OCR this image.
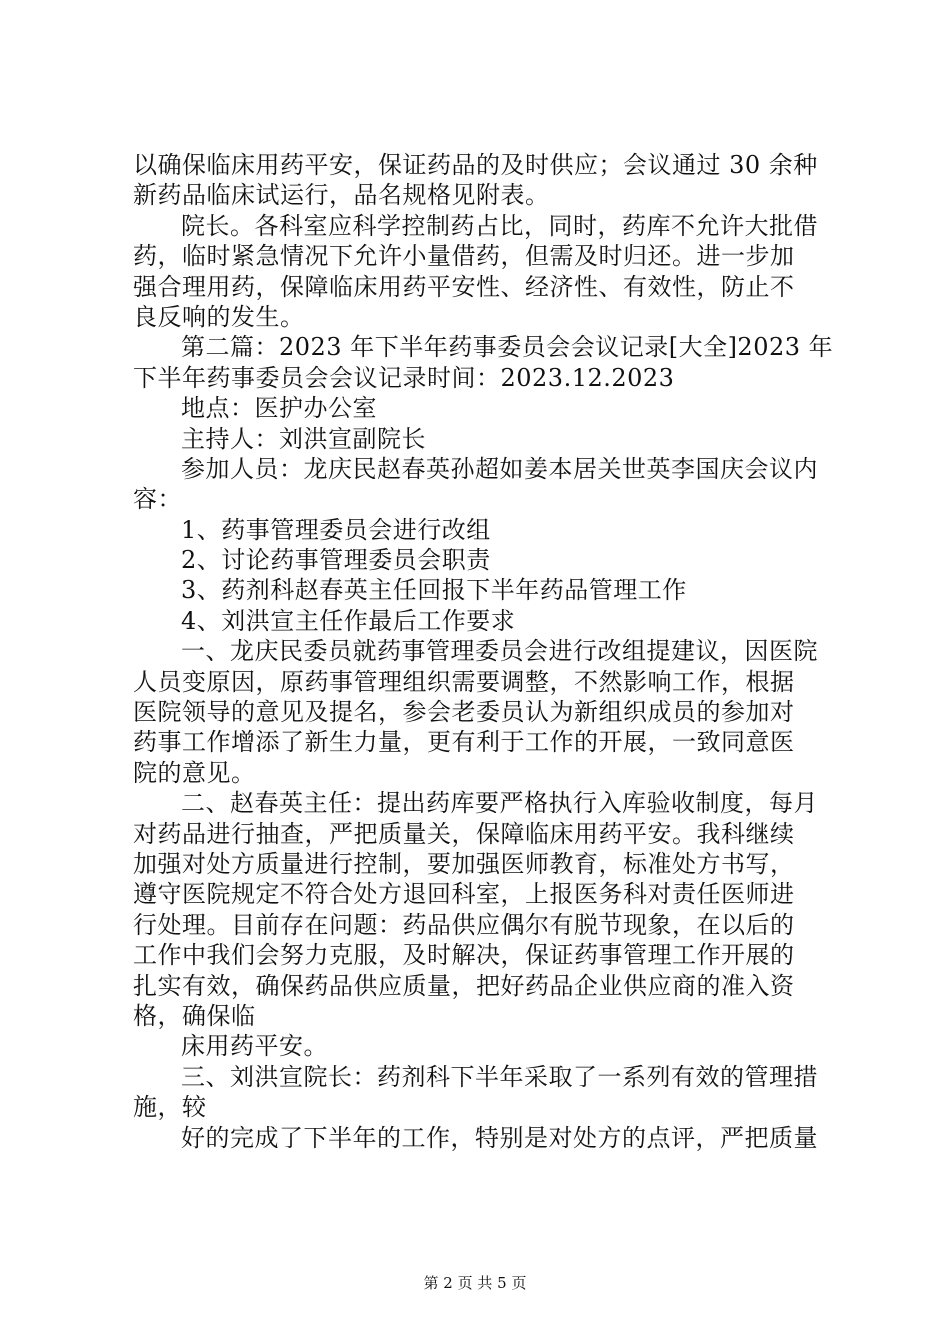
以确保临床用药平安，保证药品的及时供应；会议通过 30 余种
新药品临床试运行，品名规格见附表。
院长。各科室应科学控制药占比，同时，药库不允许大批借
药，临时紧急情况下允许小量借药，但需及时归还。进一步加
强合理用药，保障临床用药平安性、经济性、有效性，防止不
良反响的发生。
第二篇：2023 年下半年药事委员会会议记录[大全]2023 年
下半年药事委员会会议记录时间：2023.12.2023
地点：医护办公室
主持人：刘洪宣副院长
参加人员：龙庆民赵春英孙超如姜本居关世英李国庆会议内
容：
1、药事管理委员会进行改组
2、讨论药事管理委员会职责
3、药剂科赵春英主任回报下半年药品管理工作
4、刘洪宣主任作最后工作要求
一、龙庆民委员就药事管理委员会进行改组提建议，因医院
人员变原因，原药事管理组织需要调整，不然影响工作，根据
医院领导的意见及提名，参会老委员认为新组织成员的参加对
药事工作增添了新生力量，更有利于工作的开展，一致同意医
院的意见。
二、赵春英主任：提出药库要严格执行入库验收制度，每月
对药品进行抽查，严把质量关，保障临床用药平安。我科继续
加强对处方质量进行控制，要加强医师教育，标准处方书写，
遵守医院规定不符合处方退回科室，上报医务科对责任医师进
行处理。目前存在问题：药品供应偶尔有脱节现象，在以后的
工作中我们会努力克服，及时解决，保证药事管理工作开展的
扎实有效，确保药品供应质量，把好药品企业供应商的准入资
格，确保临
床用药平安。
三、刘洪宣院长：药剂科下半年采取了一系列有效的管理措
施，较
好的完成了下半年的工作，特别是对处方的点评，严把质量
第 2 页 共 5 页
